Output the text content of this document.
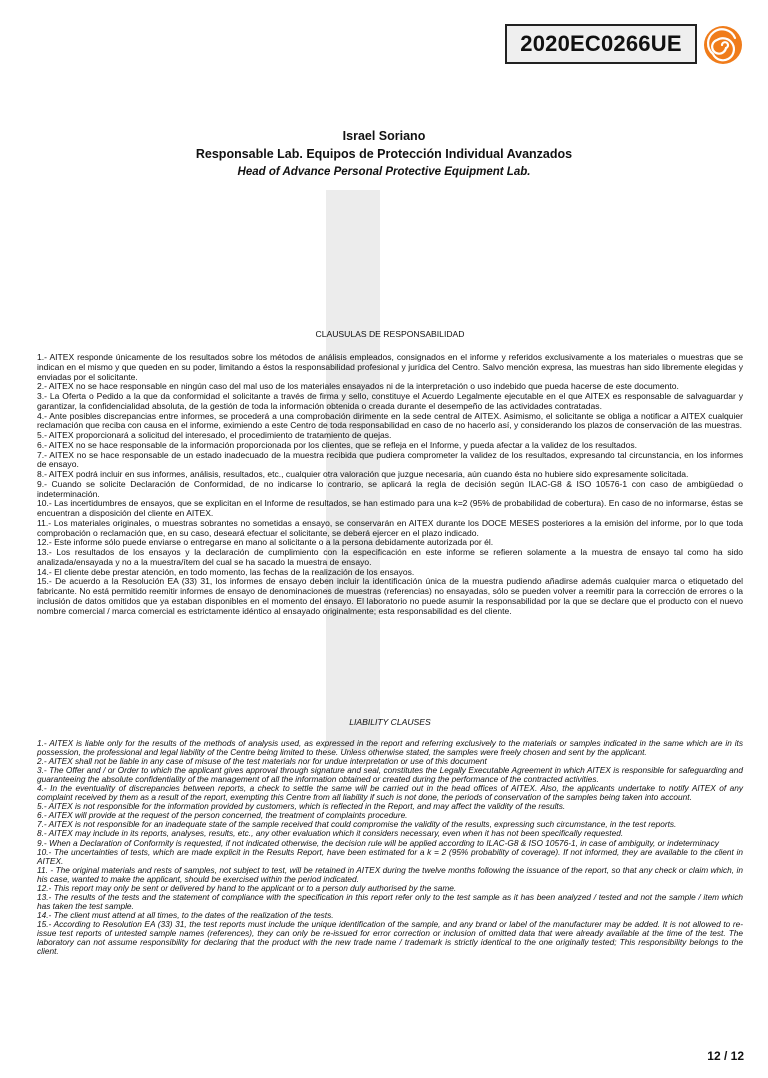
2020EC0266UE
Israel Soriano
Responsable Lab. Equipos de Protección Individual Avanzados
Head of Advance Personal Protective Equipment Lab.
CLAUSULAS DE RESPONSABILIDAD

1.- AITEX responde únicamente de los resultados sobre los métodos de análisis empleados, consignados en el informe y referidos exclusivamente a los materiales o muestras que se indican en el mismo y que queden en su poder, limitando a éstos la responsabilidad profesional y jurídica del Centro. Salvo mención expresa, las muestras han sido libremente elegidas y enviadas por el solicitante.

2.- AITEX no se hace responsable en ningún caso del mal uso de los materiales ensayados ni de la interpretación o uso indebido que pueda hacerse de este documento.

3.- La Oferta o Pedido a la que da conformidad el solicitante a través de firma y sello, constituye el Acuerdo Legalmente ejecutable en el que AITEX es responsable de salvaguardar y garantizar, la confidencialidad absoluta, de la gestión de toda la información obtenida o creada durante el desempeño de las actividades contratadas.

4.- Ante posibles discrepancias entre informes, se procederá a una comprobación dirimente en la sede central de AITEX. Asimismo, el solicitante se obliga a notificar a AITEX cualquier reclamación que reciba con causa en el informe, eximiendo a este Centro de toda responsabilidad en caso de no hacerlo así, y considerando los plazos de conservación de las muestras.

5.- AITEX proporcionará a solicitud del interesado, el procedimiento de tratamiento de quejas.

6.- AITEX no se hace responsable de la información proporcionada por los clientes, que se refleja en el Informe, y pueda afectar a la validez de los resultados.

7.- AITEX no se hace responsable de un estado inadecuado de la muestra recibida que pudiera comprometer la validez de los resultados, expresando tal circunstancia, en los informes de ensayo.

8.- AITEX podrá incluir en sus informes, análisis, resultados, etc., cualquier otra valoración que juzgue necesaria, aún cuando ésta no hubiere sido expresamente solicitada.

9.- Cuando se solicite Declaración de Conformidad, de no indicarse lo contrario, se aplicará la regla de decisión según ILAC-G8 & ISO 10576-1 con caso de ambigüedad o indeterminación.

10.- Las incertidumbres de ensayos, que se explicitan en el Informe de resultados, se han estimado para una k=2 (95% de probabilidad de cobertura). En caso de no informarse, éstas se encuentran a disposición del cliente en AITEX.

11.- Los materiales originales, o muestras sobrantes no sometidas a ensayo, se conservarán en AITEX durante los DOCE MESES posteriores a la emisión del informe, por lo que toda comprobación o reclamación que, en su caso, deseará efectuar el solicitante, se deberá ejercer en el plazo indicado.

12.- Este informe sólo puede enviarse o entregarse en mano al solicitante o a la persona debidamente autorizada por él.

13.- Los resultados de los ensayos y la declaración de cumplimiento con la especificación en este informe se refieren solamente a la muestra de ensayo tal como ha sido analizada/ensayada y no a la muestra/ítem del cual se ha sacado la muestra de ensayo.

14.- El cliente debe prestar atención, en todo momento, las fechas de la realización de los ensayos.

15.- De acuerdo a la Resolución EA (33) 31, los informes de ensayo deben incluir la identificación única de la muestra pudiendo añadirse además cualquier marca o etiquetado del fabricante. No está permitido reemitir informes de ensayo de denominaciones de muestras (referencias) no ensayadas, sólo se pueden volver a reemitir para la corrección de errores o la inclusión de datos omitidos que ya estaban disponibles en el momento del ensayo. El laboratorio no puede asumir la responsabilidad por la que se declare que el producto con el nuevo nombre comercial / marca comercial es estrictamente idéntico al ensayado originalmente; esta responsabilidad es del cliente.

LIABILITY CLAUSES

1.- AITEX is liable only for the results of the methods of analysis used, as expressed in the report and referring exclusively to the materials or samples indicated in the same which are in its possession, the professional and legal liability of the Centre being limited to these. Unless otherwise stated, the samples were freely chosen and sent by the applicant.

2.- AITEX shall not be liable in any case of misuse of the test materials nor for undue interpretation or use of this document

3.- The Offer and / or Order to which the applicant gives approval through signature and seal, constitutes the Legally Executable Agreement in which AITEX is responsible for safeguarding and guaranteeing the absolute confidentiality of the management of all the information obtained or created during the performance of the contracted activities.

4.- In the eventuality of discrepancies between reports, a check to settle the same will be carried out in the head offices of AITEX. Also, the applicants undertake to notify AITEX of any complaint received by them as a result of the report, exempting this Centre from all liability if such is not done, the periods of conservation of the samples being taken into account.

5.- AITEX is not responsible for the information provided by customers, which is reflected in the Report, and may affect the validity of the results.

6.- AITEX will provide at the request of the person concerned, the treatment of complaints procedure.

7.- AITEX is not responsible for an inadequate state of the sample received that could compromise the validity of the results, expressing such circumstance, in the test reports.

8.- AITEX may include in its reports, analyses, results, etc., any other evaluation which it considers necessary, even when it has not been specifically requested.

9.- When a Declaration of Conformity is requested, if not indicated otherwise, the decision rule will be applied according to ILAC-G8 & ISO 10576-1, in case of ambiguity, or indeterminacy

10.- The uncertainties of tests, which are made explicit in the Results Report, have been estimated for a k = 2 (95% probability of coverage). If not informed, they are available to the client in AITEX.

11. - The original materials and rests of samples, not subject to test, will be retained in AITEX during the twelve months following the issuance of the report, so that any check or claim which, in his case, wanted to make the applicant, should be exercised within the period indicated.

12.- This report may only be sent or delivered by hand to the applicant or to a person duly authorised by the same.

13.- The results of the tests and the statement of compliance with the specification in this report refer only to the test sample as it has been analyzed / tested and not the sample / item which has taken the test sample.

14.- The client must attend at all times, to the dates of the realization of the tests.

15.- According to Resolution EA (33) 31, the test reports must include the unique identification of the sample, and any brand or label of the manufacturer may be added. It is not allowed to re-issue test reports of untested sample names (references), they can only be re-issued for error correction or inclusion of omitted data that were already available at the time of the test. The laboratory can not assume responsibility for declaring that the product with the new trade name / trademark is strictly identical to the one originally tested; This responsibility belongs to the client.

12 / 12
